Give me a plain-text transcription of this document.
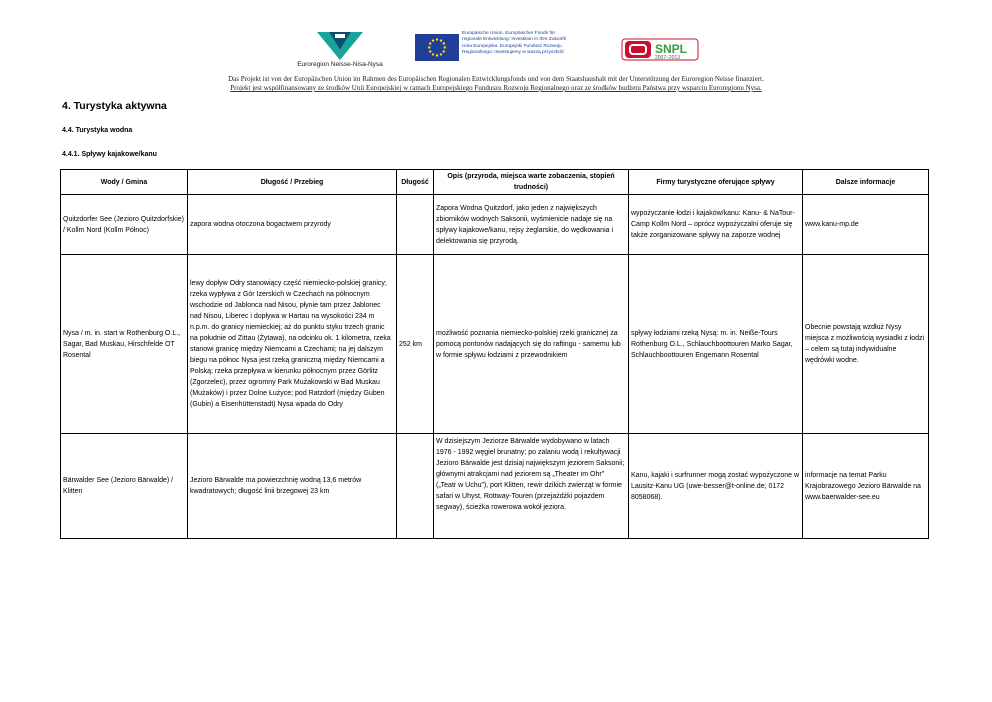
Euroregion Neisse-Nisa-Nysa
Europäische Union. Europäischer Fonds für
regionale Entwicklung: Investition in Ihre Zukunft/
Unia Europejska. Europejski Fundusz Rozwoju
Regionalnego: Inwestujemy w waszą przyszłość	SNPL
2007–2013
Das Projekt ist von der Europäischen Union im Rahmen des Europäischen Regionalen Entwicklungsfonds und von dem Staatshaushalt mit der Unterstützung der Euroregion Neisse finanziert.
Projekt jest współfinansowany ze środków Unii Europejskiej w ramach Europejskiego Funduszu Rozwoju Regionalnego oraz ze środków budżetu Państwa przy wsparciu Euroregionu Nysa.
4. Turystyka aktywna
4.4. Turystyka wodna
4.4.1. Spływy kajakowe/kanu
Wody / Gmina	Długość / Przebieg	Długość	Opis (przyroda, miejsca warte zobaczenia, stopień trudności)	Firmy turystyczne oferujące spływy	Dalsze informacje
Quitzdorfer See (Jezioro Quitzdorfskie) / Kollm Nord (Kollm Północ)	zapora wodna otoczona bogactwem przyrody		Zapora Wodna Quitzdorf, jako jeden z największych zbiorników wodnych Saksonii, wyśmienicie nadaje się na spływy kajakowe/kanu, rejsy żeglarskie, do wędkowania i delektowania się przyrodą.	wypożyczanie łodzi i kajaków/kanu: Kanu- & NaTour-Camp Kollm Nord – oprócz wypożyczalni oferuje się także zorganizowane spływy na zaporze wodnej	www.kanu-mp.de
Nysa / m. in. start w Rothenburg O.L., Sagar, Bad Muskau, Hirschfelde OT Rosental	lewy dopływ Odry stanowiący część niemiecko-polskiej granicy; rzeka wypływa z Gór Izerskich w Czechach na północnym wschodzie od Jablonca nad Nisou, płynie tam przez Jablonec nad Nisou, Liberec i dopływa w Hartau na wysokości 234 m n.p.m. do granicy niemieckiej; aż do punktu styku trzech granic na południe od Zittau (Żytawa), na odcinku ok. 1 kilometra, rzeka stanowi granicę między Niemcami a Czechami; na jej dalszym biegu na północ Nysa jest rzeką graniczną między Niemcami a Polską; rzeka przepływa w kierunku północnym przez Görlitz (Zgorzelec), przez ogromny Park Mużakowski w Bad Muskau (Mużaków) i przez Dolne Łużyce; pod Ratzdorf (między Guben (Gubin) a Eisenhüttenstadt) Nysa wpada do Odry	252 km	możliwość poznania niemiecko-polskiej rzeki granicznej za pomocą pontonów nadających się do raftingu - samemu lub w formie spływu łodziami z przewodnikiem	spływy łodziami rzeką Nysą: m. in. Neiße-Tours Rothenburg O.L., Schlauchboottouren Marko Sagar, Schlauchboottouren Engemann Rosental	Obecnie powstają wzdłuż Nysy miejsca z możliwością wysiadki z łodzi – celem są tutaj indywidualne wędrówki wodne.
Bärwalder See (Jezioro Bärwalde) / Klitten	Jezioro Bärwalde ma powierzchnię wodną 13,6 metrów kwadratowych; długość linii brzegowej 23 km		W dzisiejszym Jeziorze Bärwalde wydobywano w latach 1976 - 1992 węgiel brunatny; po zalaniu wodą i rekultywacji Jezioro Bärwalde jest dzisiaj największym jeziorem Saksonii; głównymi atrakcjami nad jeziorem są „Theater im Ohr” („Teatr w Uchu”), port Klitten, rewir dzikich zwierząt w formie safari w Uhyst, Rottway-Touren (przejażdżki pojazdem segway), ścieżka rowerowa wokół jeziora.	Kanu, kajaki i surfrunner mogą zostać wypożyczone w Lausitz-Kanu UG (uwe-besser@t-online.de; 0172 8058068).	informacje na temat Parku Krajobrazowego Jezioro Bärwalde na www.baerwalder-see.eu
